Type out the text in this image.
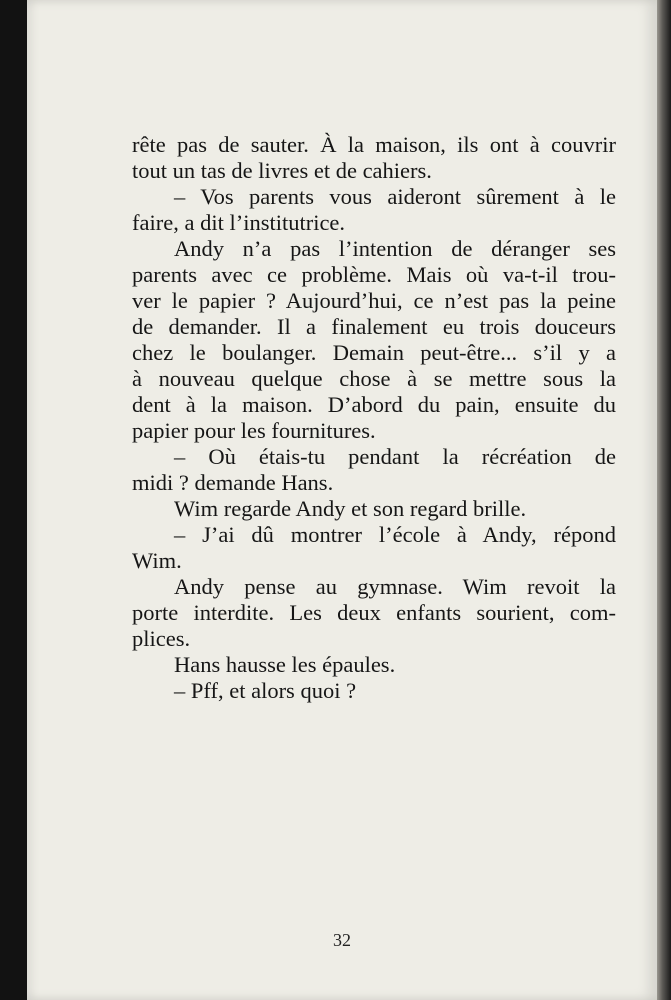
rête pas de sauter. À la maison, ils ont à couvrir
tout un tas de livres et de cahiers.
– Vos parents vous aideront sûrement à le
faire, a dit l’institutrice.
Andy n’a pas l’intention de déranger ses
parents avec ce problème. Mais où va-t-il trou-
ver le papier ? Aujourd’hui, ce n’est pas la peine
de demander. Il a finalement eu trois douceurs
chez le boulanger. Demain peut-être... s’il y a
à nouveau quelque chose à se mettre sous la
dent à la maison. D’abord du pain, ensuite du
papier pour les fournitures.
– Où étais-tu pendant la récréation de
midi ? demande Hans.
Wim regarde Andy et son regard brille.
– J’ai dû montrer l’école à Andy, répond
Wim.
Andy pense au gymnase. Wim revoit la
porte interdite. Les deux enfants sourient, com-
plices.
Hans hausse les épaules.
– Pff, et alors quoi ?
32
